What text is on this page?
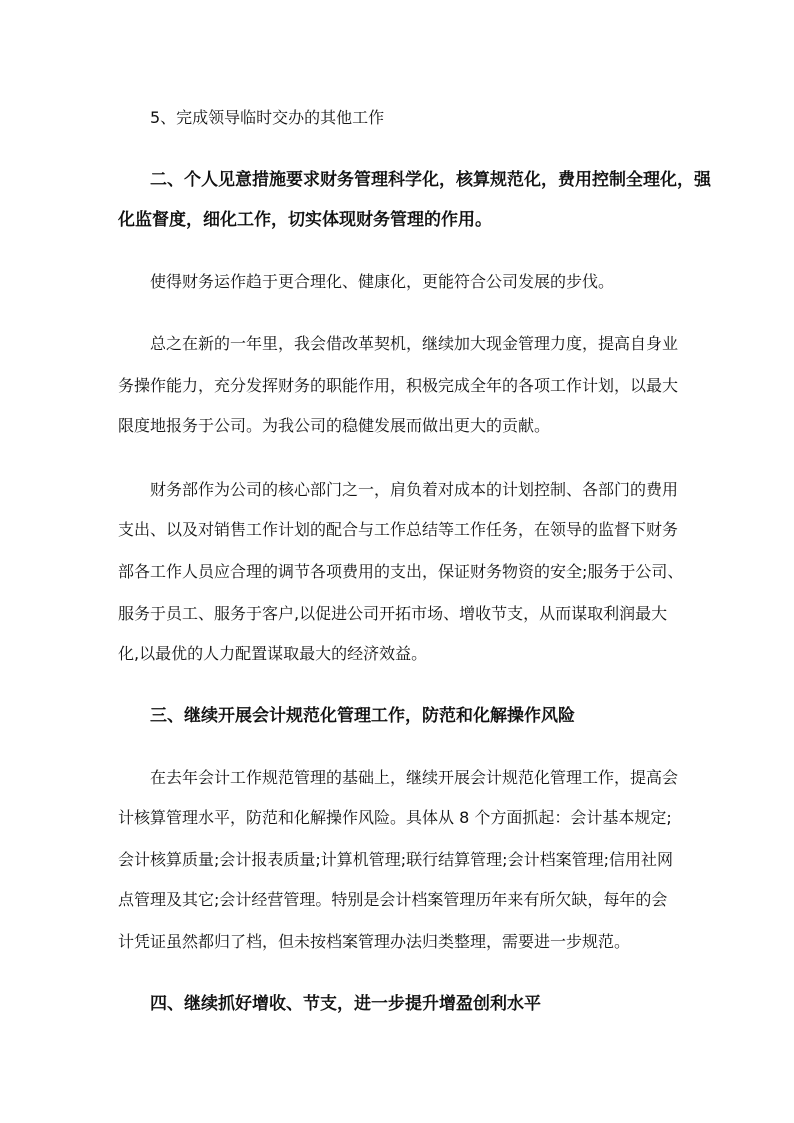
5、完成领导临时交办的其他工作
二、个人见意措施要求财务管理科学化，核算规范化，费用控制全理化，强
化监督度，细化工作，切实体现财务管理的作用。
使得财务运作趋于更合理化、健康化，更能符合公司发展的步伐。
总之在新的一年里，我会借改革契机，继续加大现金管理力度，提高自身业
务操作能力，充分发挥财务的职能作用，积极完成全年的各项工作计划，以最大
限度地报务于公司。为我公司的稳健发展而做出更大的贡献。
财务部作为公司的核心部门之一，肩负着对成本的计划控制、各部门的费用
支出、以及对销售工作计划的配合与工作总结等工作任务，在领导的监督下财务
部各工作人员应合理的调节各项费用的支出，保证财务物资的安全;服务于公司、
服务于员工、服务于客户,以促进公司开拓市场、增收节支，从而谋取利润最大
化,以最优的人力配置谋取最大的经济效益。
三、继续开展会计规范化管理工作，防范和化解操作风险
在去年会计工作规范管理的基础上，继续开展会计规范化管理工作，提高会
计核算管理水平，防范和化解操作风险。具体从 8 个方面抓起：会计基本规定;
会计核算质量;会计报表质量;计算机管理;联行结算管理;会计档案管理;信用社网
点管理及其它;会计经营管理。特别是会计档案管理历年来有所欠缺，每年的会
计凭证虽然都归了档，但未按档案管理办法归类整理，需要进一步规范。
四、继续抓好增收、节支，进一步提升增盈创利水平
